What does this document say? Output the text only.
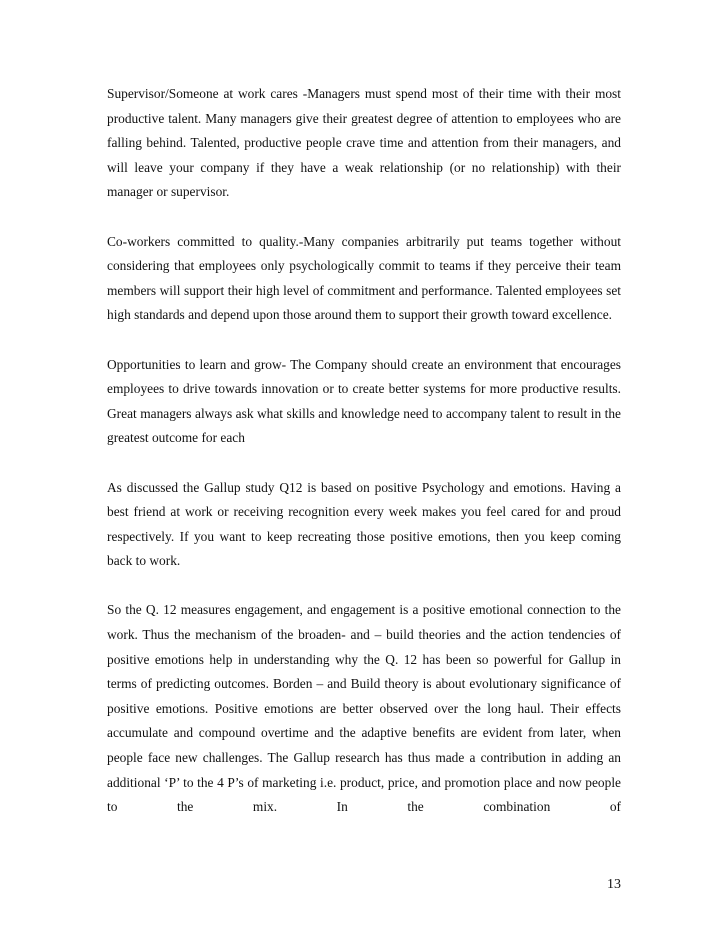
Supervisor/Someone at work cares -Managers must spend most of their time with their most productive talent. Many managers give their greatest degree of attention to employees who are falling behind. Talented, productive people crave time and attention from their managers, and will leave your company if they have a weak relationship (or no relationship) with their manager or supervisor.

Co-workers committed to quality.-Many companies arbitrarily put teams together without considering that employees only psychologically commit to teams if they perceive their team members will support their high level of commitment and performance. Talented employees set high standards and depend upon those around them to support their growth toward excellence.

Opportunities to learn and grow- The Company should create an environment that encourages employees to drive towards innovation or to create better systems for more productive results. Great managers always ask what skills and knowledge need to accompany talent to result in the greatest outcome for each

As discussed the Gallup study Q12 is based on positive Psychology and emotions. Having a best friend at work or receiving recognition every week makes you feel cared for and proud respectively. If you want to keep recreating those positive emotions, then you keep coming back to work.

So the Q. 12 measures engagement, and engagement is a positive emotional connection to the work. Thus the mechanism of the broaden- and – build theories and the action tendencies of positive emotions help in understanding why the Q. 12 has been so powerful for Gallup in terms of predicting outcomes. Borden – and Build theory is about evolutionary significance of positive emotions. Positive emotions are better observed over the long haul. Their effects accumulate and compound overtime and the adaptive benefits are evident from later, when people face new challenges. The Gallup research has thus made a contribution in adding an additional ‘P’ to the 4 P’s of marketing i.e. product, price, and promotion place and now people to the mix. In the combination of

13
